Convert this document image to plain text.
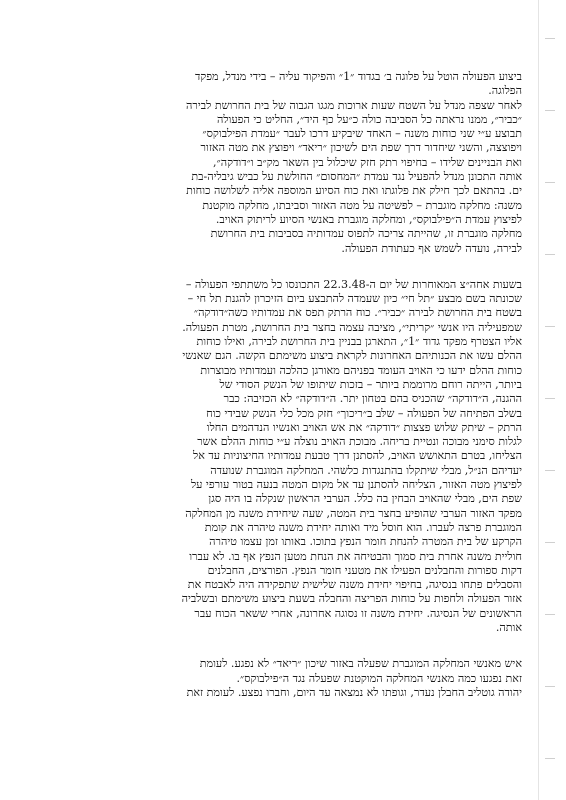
ביצוע הפעולה הוטל על פלוגה ב׳ בגדוד ״1״ והפיקוד עליה – בידי מנדל, מפקד
הפלוגה.

לאחר שצפה מנדל על השטח שעות ארוכות מגגו הגבוה של בית החרושת לבירה
״כביר״, ממנו נראתה כל הסביבה כולה כ״על כף היד״, החליט כי הפעולה
תבוצע ע״י שני כוחות משנה – האחד שיבקיע דרכו לעבר ״עמדת הפילבוקס״
ויפוצצה, והשני שיחדור דרך שפת הים לשיכון ״ריאד״ ויפוצץ את מטה האזור
ואת הבניינים שלידו – בחיפוי רתק חזק שיכלול בין השאר מק״ב ו״דודקה״,
אותה התכונן מנדל להפעיל נגד עמדת ״המחסום״ החולשת על כביש גיבליה-בת
ים. בהתאם לכך חילק את פלוגתו ואת כוח הסיוע המוספה אליה לשלושה כוחות
משנה: מחלקה מוגברת – לפשיטה על מטה האזור וסביבתו, מחלקה מוקטנת
לפיצוץ עמדת ה״פילבוקס״, ומחלקה מוגברת באנשי הסיוע לריתוק האויב.
מחלקה מוגברת זו, שהייתה צריכה לתפוס עמדותיה בסביבות בית החרושת
לבירה, נועדה לשמש אף כעתודת הפעולה.

בשעות אחה״צ המאוחרות של יום ה-22.3.48 התכונסו כל משתתפי הפעולה –
שכונתה בשם מבצע ״תל חי״ כיון שעמדה להתבצע ביום הזיכרון להגנת תל חי –
בשטח בית החרושת לבירה ״כביר״. כוח הרתק תפס את עמדותיו כשה״דודקה״
שמפעיליה היו אנשי ״קריתי״, מציבה עצמה בחצר בית החרושת, מטרת הפעולה.
אליו הצטרף מפקד גדוד ״1״, התארגן בבניין בית החרושת לבירה, ואילו כוחות
ההלם עשו את הכנותיהם האחרונות לקראת ביצוע משימתם הקשה. הגם שאנשי
כוחות ההלם ידעו כי האויב העומד בפניהם מאורגן כהלכה ועמדותיו מבוצרות
ביותר, הייתה רוחם מרוממת ביותר – בזכות שיתופו של הנשק הסודי של
ההגנה, ה״דודקה״ שהכניס בהם בטחון יתר. ה״דודקה״ לא הכזיבה: כבר
בשלב הפתיחה של הפעולה – שלּב ב״ריכוך״ חזק מכל כלי הנשק שבידי כוח
הרתק – שיתק שלוש פצצות ״דודקה״ את אש האויב ואנשיו הנדהמים החלו
לגלות סימני מבוכה ונטיית בריחה. מבוכת האויב נוצלה ע״י כוחות ההלם אשר
הצליחו, בטרם התאושש האויב, להסתנן דרך טבעת עמדותיו החיצוניות עד אל
יעדיהם הנ״ל, מבלי שיתקלו בהתנגדות כלשהי. המחלקה המוגברת שנועדה
לפיצוץ מטה האזור, הצליחה להסתנן עד אל מקום המטה בנעה בטור עורפי על
שפת הים, מבלי שהאויב הבחין בה כלל. הערבי הראשון שנקלה בו היה סגן
מפקד האזור הערבי שהופיע בחצר בית המטה, שעה שיחידת משנה מן המחלקה
המוגברת פרצה לעברו. הוא חוסל מיד ואותה יחידת משנה טיהרה את קומת
הקרקע של בית המטרה להנחת חומר הנפץ בתוכו. באותו זמן עצמו טיהרה
חוליית משנה אחרת בית סמוך והבטיחה את הנחת מטען הנפץ אף בו. לא עברו
דקות ספורות והחבלנים הפעילו את מטעני חומר הנפץ. הפורצים, החבלנים
והסבלים פתחו בנסיגה, בחיפוי יחידת משנה שלישית שתפקידה היה לאבטח את
אזור הפעולה ולחפות על כוחות הפריצה והחבלה בשעת ביצוע משימתם ובשלביה
הראשונים של הנסיגה. יחידת משנה זו נסוגה אחרונה, אחרי ששאר הכוח עבר
אותה.

איש מאנשי המחלקה המוגברת שפעלה באזור שיכון ״ריאד״ לא נפגע. לעומת
זאת נפגעו כמה מאנשי המחלקה המוקטנת שפעלה נגד ה״פילבוקס״.
יהודה גוטליב החבלן נעדר, וגופתו לא נמצאה עד היום, וחברו נפצע. לעומת זאת
